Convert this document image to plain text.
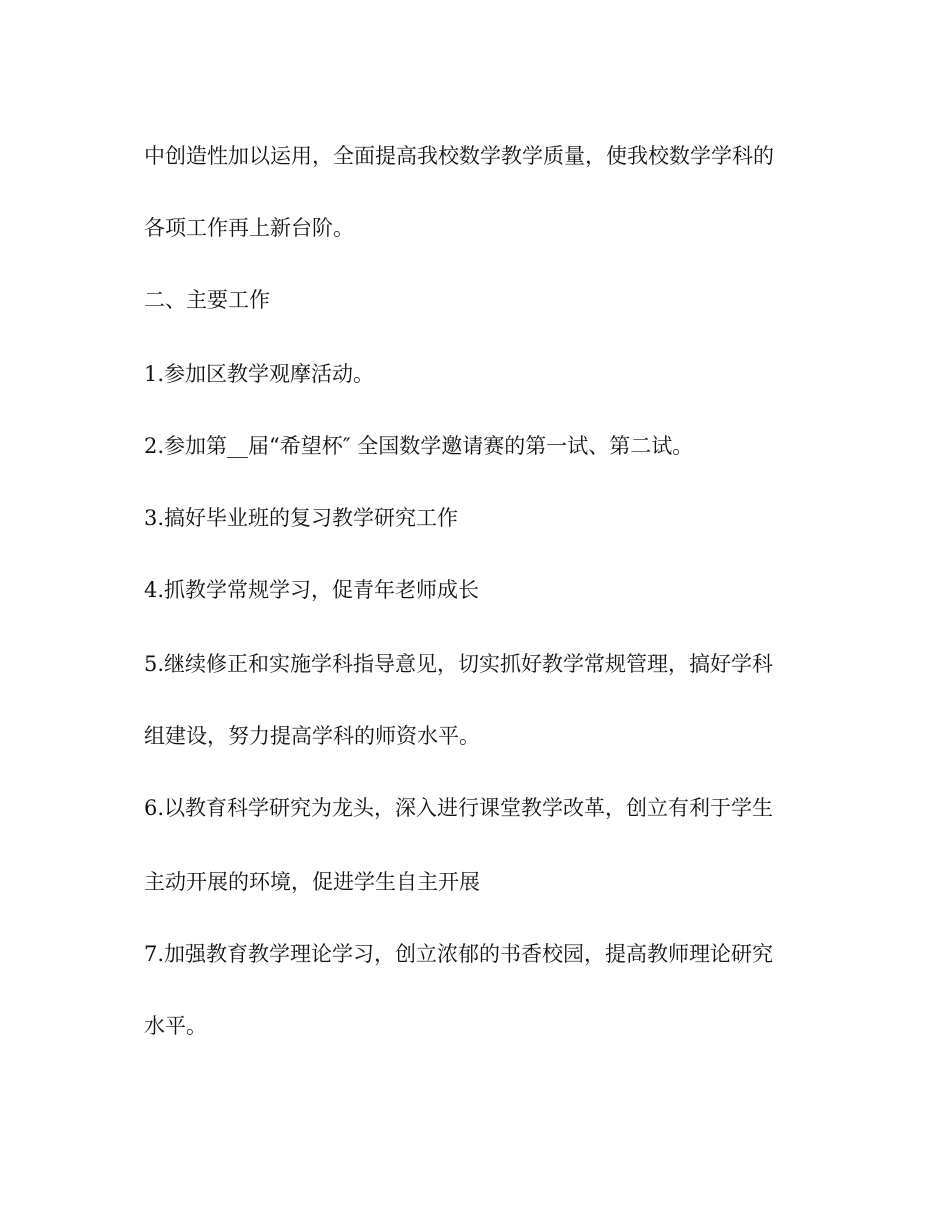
中创造性加以运用，全面提高我校数学教学质量，使我校数学学科的
各项工作再上新台阶。
二、主要工作
1.参加区教学观摩活动。
2.参加第__届“希望杯″ 全国数学邀请赛的第一试、第二试。
3.搞好毕业班的复习教学研究工作
4.抓教学常规学习，促青年老师成长
5.继续修正和实施学科指导意见，切实抓好教学常规管理，搞好学科
组建设，努力提高学科的师资水平。
6.以教育科学研究为龙头，深入进行课堂教学改革，创立有利于学生
主动开展的环境，促进学生自主开展
7.加强教育教学理论学习，创立浓郁的书香校园，提高教师理论研究
水平。
